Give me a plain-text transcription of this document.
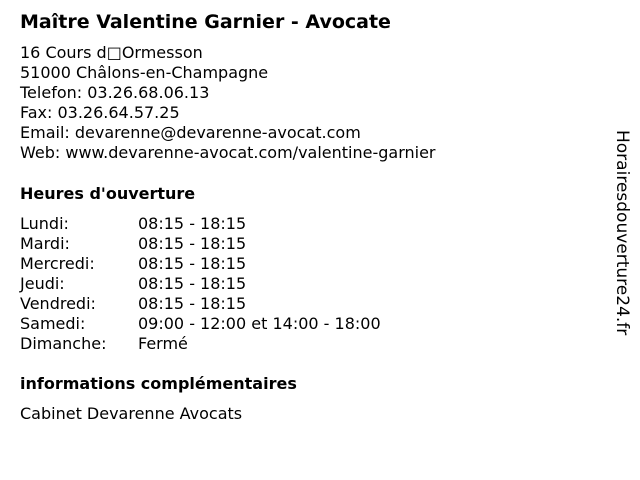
Maître Valentine Garnier - Avocate
16 Cours d□Ormesson
51000 Châlons-en-Champagne
Telefon: 03.26.68.06.13
Fax: 03.26.64.57.25
Email: devarenne@devarenne-avocat.com
Web: www.devarenne-avocat.com/valentine-garnier
Heures d'ouverture
Lundi:	08:15 - 18:15
Mardi:	08:15 - 18:15
Mercredi:	08:15 - 18:15
Jeudi:	08:15 - 18:15
Vendredi:	08:15 - 18:15
Samedi:	09:00 - 12:00 et 14:00 - 18:00
Dimanche: Fermé
informations complémentaires
Cabinet Devarenne Avocats
Horairesdouverture24.fr
